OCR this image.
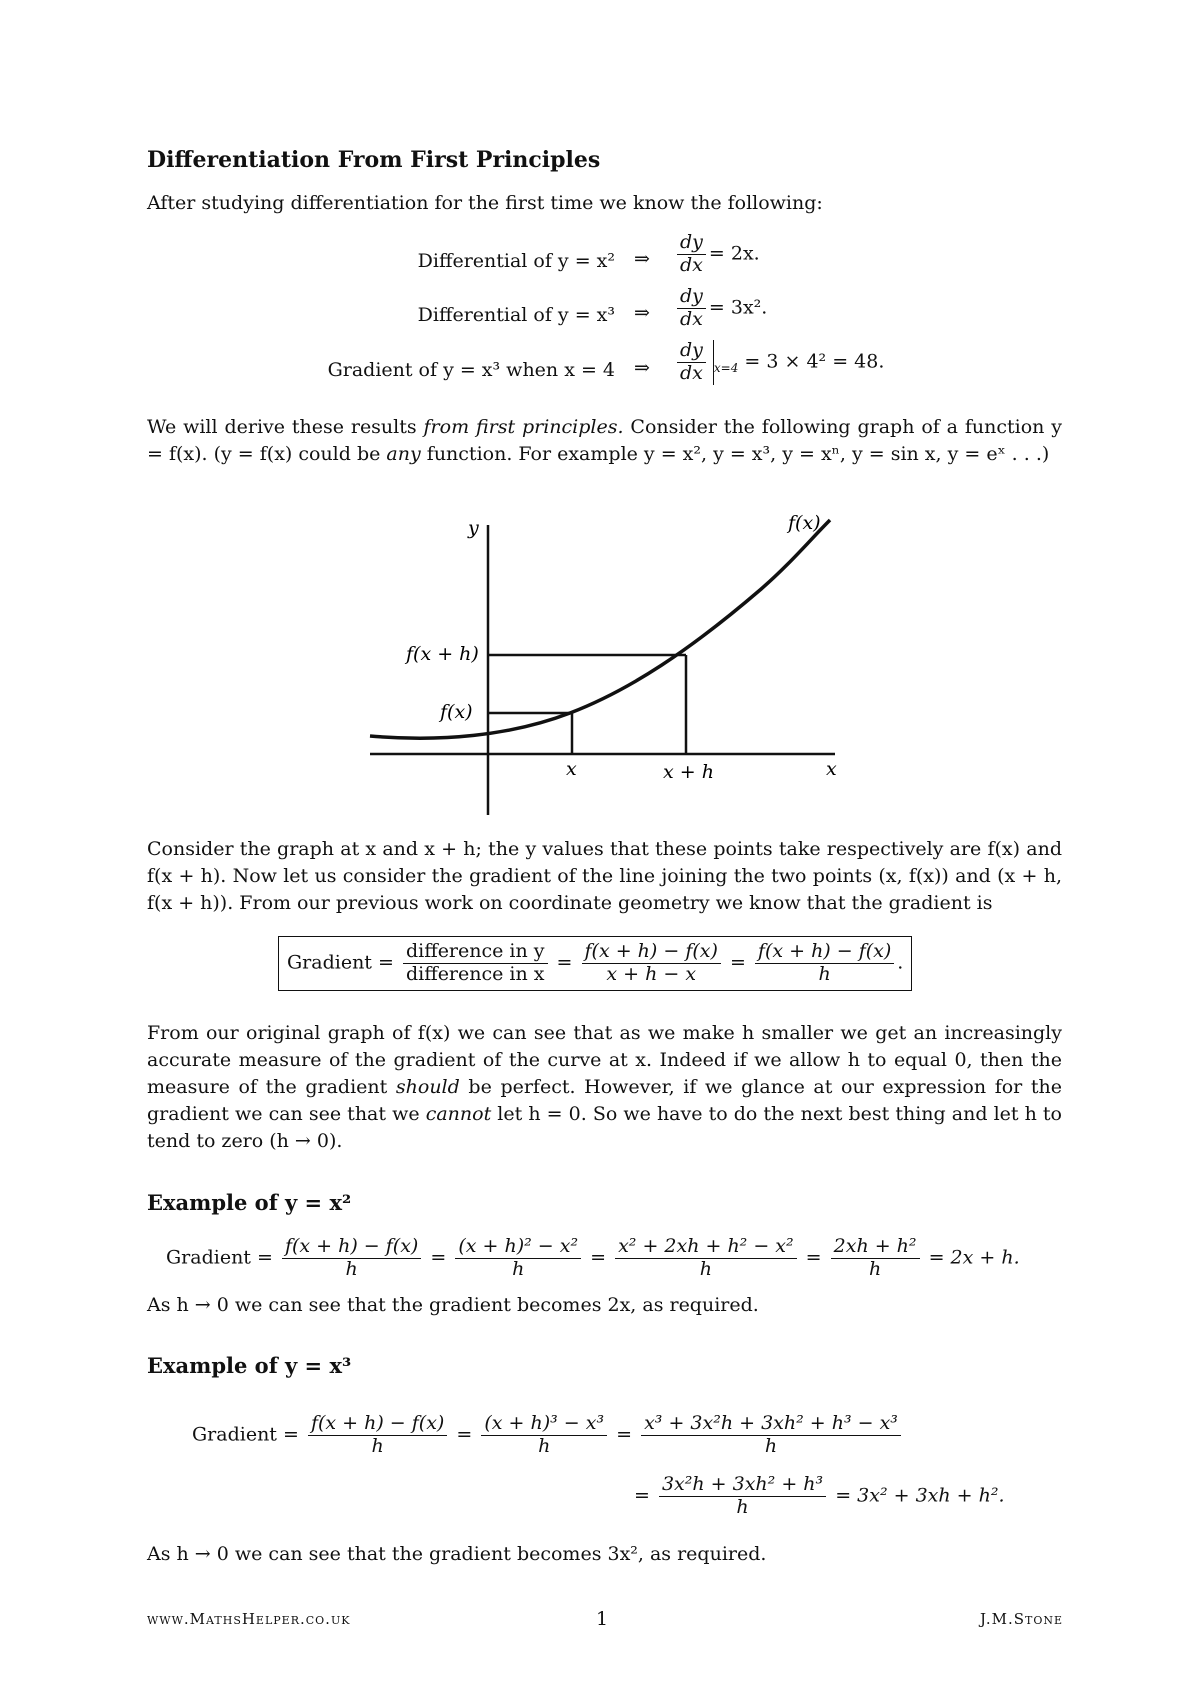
Differentiation From First Principles
After studying differentiation for the first time we know the following:
Differential of y = x² ⇒ $\frac{dy}{dx} = 2x$.
Differential of y = x³ ⇒ $\frac{dy}{dx} = 3x^2$.
Gradient of y = x³ when x = 4 ⇒ $\frac{dy}{dx} _{x=4} = 3 \times 4^2 = 48$.
We will derive these results from first principles. Consider the following graph of a function y = f(x). (y = f(x) could be any function. For example y = x², y = x³, y = xⁿ, y = sin x, y = eˣ . . .)
y	f(x)
f(x + h)
f(x)
x	x + h	x
Consider the graph at x and x + h; the y values that these points take respectively are f(x) and f(x + h). Now let us consider the gradient of the line joining the two points (x, f(x)) and (x + h, f(x + h)). From our previous work on coordinate geometry we know that the gradient is
Gradient = $\frac{\text{difference in y}}{\text{difference in x}} = \frac{f(x + h) - f(x)}{x + h - x} = \frac{f(x + h) - f(x)}{h}$ .
From our original graph of f(x) we can see that as we make h smaller we get an increasingly accurate measure of the gradient of the curve at x. Indeed if we allow h to equal 0, then the measure of the gradient should be perfect. However, if we glance at our expression for the gradient we can see that we cannot let h = 0. So we have to do the next best thing and let h to tend to zero (h → 0).
Example of y = x²
Gradient = $\frac{f(x + h) - f(x)}{h} = \frac{\text{(x + h)² − x²}}{h} = \frac{\text{x² + 2xh + h² − x²}}{h} = \frac{\text{2xh + h²}}{h} = 2x + h$.
As h → 0 we can see that the gradient becomes 2x, as required.
Example of y = x³
Gradient = $\frac{f(x + h) - f(x)}{h} = \frac{\text{(x + h)³ − x³}}{h} = \frac{\text{x³ + 3x²h + 3xh² + h³ − x³}}{h}$
= $\frac{\text{3x²h + 3xh² + h³}}{h} = 3x^2 + 3xh + h^2$.
As h → 0 we can see that the gradient becomes 3x², as required.
www.MathsHelper.co.uk	1	J.M.Stone
